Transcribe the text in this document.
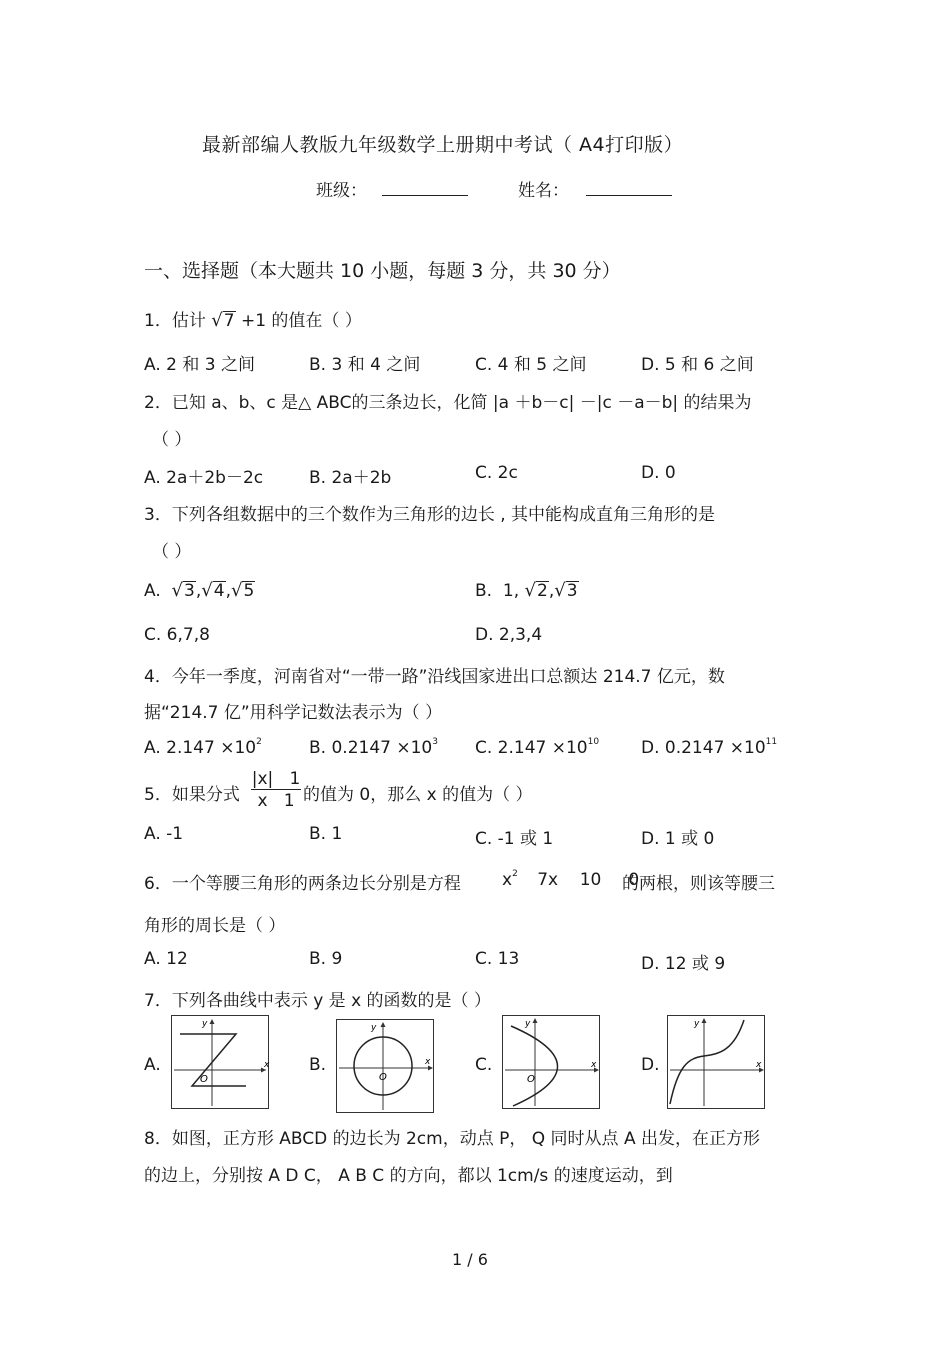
最新部编人教版九年级数学上册期中考试（ A4打印版）
班级：	姓名：
一、选择题（本大题共 10 小题，每题 3 分，共 30 分）
1．估计 √7 +1 的值在（ ）
A. 2 和 3 之间	B. 3 和 4 之间	C. 4 和 5 之间	D. 5 和 6 之间
2．已知 a、b、c 是△ ABC的三条边长，化简 |a ＋b－c| －|c －a－b| 的结果为
（ ）
A. 2a＋2b－2c	B. 2a＋2b	C. 2c	D. 0
3．下列各组数据中的三个数作为三角形的边长 , 其中能构成直角三角形的是
（ ）
A. √3,√4,√5	B. 1, √2,√3
C. 6,7,8	D. 2,3,4
4．今年一季度，河南省对“一带一路”沿线国家进出口总额达 214.7 亿元，数
据“214.7 亿”用科学记数法表示为（ ）
A. $2.147 \times 10^2$	B. $0.2147 \times 10^3$ C. $2.147 \times 10^{10}$ D. $0.2147 \times 10^{11}$
5．如果分式
|x|   1
x   1 的值为 0，那么 x 的值为（ ）
A. -1	B. 1	C. -1 或 1	D. 1 或 0
6．一个等腰三角形的两条边长分别是方程 $x^2$ 7x    10     0
的两根，则该等腰三
角形的周长是（ ）
A. 12	B. 9	C. 13	D. 12 或 9
7．下列各曲线中表示 y 是 x 的函数的是（ ）
A.	x
y
O
B.	x
y
O
C.	x
y
O
D.	x
y
8．如图，正方形 ABCD 的边长为 2cm，动点 P， Q 同时从点 A 出发，在正方形
的边上，分别按 A D C， A B C 的方向，都以 1cm/s 的速度运动，到
1 / 6
